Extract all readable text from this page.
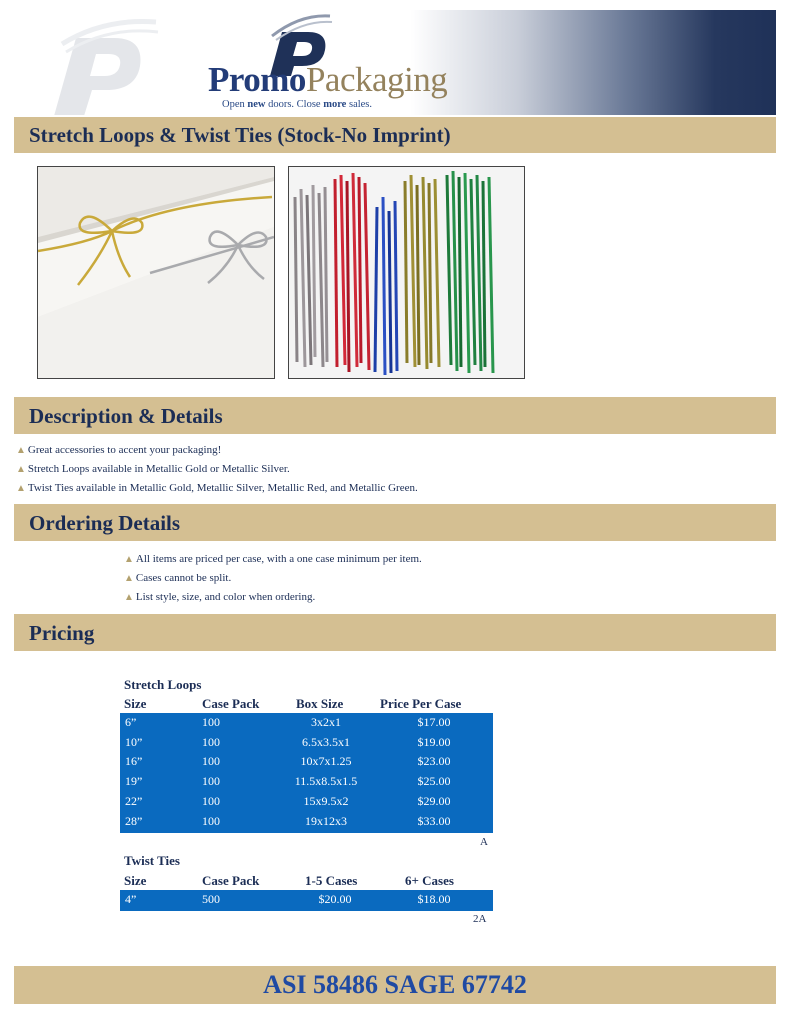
PromoPackaging
Open new doors. Close more sales.
Stretch Loops & Twist Ties (Stock-No Imprint)
Description & Details
▲ Great accessories to accent your packaging!
▲ Stretch Loops available in Metallic Gold or Metallic Silver.
▲ Twist Ties available in Metallic Gold, Metallic Silver, Metallic Red, and Metallic Green.
Ordering Details
▲ All items are priced per case, with a one case minimum per item.
▲ Cases cannot be split.
▲ List style, size, and color when ordering.
Pricing
Stretch Loops
Size	Case Pack	Box Size	Price Per Case
6”	100	3x2x1	$17.00
10”	100	6.5x3.5x1	$19.00
16”	100	10x7x1.25	$23.00
19”	100	11.5x8.5x1.5	$25.00
22”	100	15x9.5x2	$29.00
28”	100	19x12x3	$33.00
A
Twist Ties
Size	Case Pack	1-5 Cases	6+ Cases
4”	500	$20.00	$18.00
2A
ASI 58486 SAGE 67742
